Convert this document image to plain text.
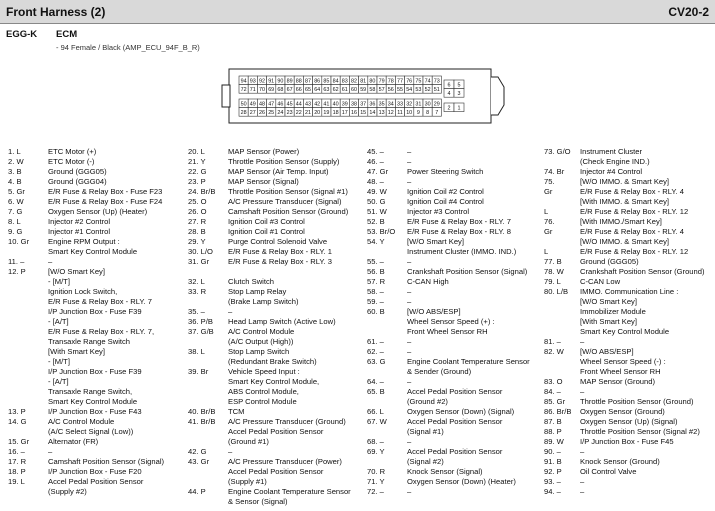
Front Harness (2)	CV20-2
EGG-K ECM
- 94 Female / Black (AMP_ECU_94F_B_R)
94 93 92 91 90 89 88 87 86 85 84 83 82 81 80 79 78 77 76 75 74 73
72 71 70 69 68 67 66 65 64 63 62 61 60 59 58 57 56 55 54 53 52 51
50 49 48 47 46 45 44 43 42 41 40 39 38 37 36 35 34 33 32 31 30 29
28 27 26 25 24 23 22 21 20 19 18 17 16 15 14 13 12 11 10 9 8 7
6 5
4 3
2 1
1. L	ETC Motor (+)
2. W	ETC Motor (-)
3. B	Ground (GGG05)
4. B	Ground (GGG04)
5. Gr	E/R Fuse & Relay Box - Fuse F23
6. W	E/R Fuse & Relay Box - Fuse F24
7. G	Oxygen Sensor (Up) (Heater)
8. L	Injector #2 Control
9. G	Injector #1 Control
10. Gr	Engine RPM Output :
Smart Key Control Module
11. –	–
12. P	[W/O Smart Key]
- [M/T]
Ignition Lock Switch,
E/R Fuse & Relay Box - RLY. 7
I/P Junction Box - Fuse F39
- [A/T]
E/R Fuse & Relay Box - RLY. 7,
Transaxle Range Switch
[With Smart Key]
- [M/T]
I/P Junction Box - Fuse F39
- [A/T]
Transaxle Range Switch,
Smart Key Control Module
13. P	I/P Junction Box - Fuse F43
14. G	A/C Control Module
(A/C Select Signal (Low))
15. Gr	Alternator (FR)
16. –	–
17. R	Camshaft Position Sensor (Signal)
18. P	I/P Junction Box - Fuse F20
19. L	Accel Pedal Position Sensor
(Supply #2)
20. L	MAP Sensor (Power)
21. Y	Throttle Position Sensor (Supply)
22. G	MAP Sensor (Air Temp. Input)
23. P	MAP Sensor (Signal)
24. Br/B	Throttle Position Sensor (Signal #1)
25. O	A/C Pressure Transducer (Signal)
26. O	Camshaft Position Sensor (Ground)
27. R	Ignition Coil #3 Control
28. B	Ignition Coil #1 Control
29. Y	Purge Control Solenoid Valve
30. L/O	E/R Fuse & Relay Box - RLY. 1
31. Gr	E/R Fuse & Relay Box - RLY. 3
32. L	Clutch Switch
33. R	Stop Lamp Relay
(Brake Lamp Switch)
35. –	–
36. P/B	Head Lamp Switch (Active Low)
37. G/B	A/C Control Module
(A/C Output (High))
38. L	Stop Lamp Switch
(Redundant Brake Switch)
39. Br	Vehicle Speed Input :
Smart Key Control Module,
ABS Control Module,
ESP Control Module
40. Br/B	TCM
41. Br/B	A/C Pressure Transducer (Ground)
Accel Pedal Position Sensor
(Ground #1)
42. G	–
43. Gr	A/C Pressure Transducer (Power)
Accel Pedal Position Sensor
(Supply #1)
44. P	Engine Coolant Temperature Sensor
& Sensor (Signal)
45. –	–
46. –	–
47. Gr	Power Steering Switch
48. –	–
49. W	Ignition Coil #2 Control
50. G	Ignition Coil #4 Control
51. W	Injector #3 Control
52. B	E/R Fuse & Relay Box - RLY. 7
53. Br/O E/R Fuse & Relay Box - RLY. 8
54. Y	[W/O Smart Key]
Instrument Cluster (IMMO. IND.)
55. –	–
56. B	Crankshaft Position Sensor (Signal)
57. R	C-CAN High
58. –	–
59. –	–
60. B	[W/O ABS/ESP]
Wheel Sensor Speed (+) :
Front Wheel Sensor RH
61. –	–
62. –	–
63. G	Engine Coolant Temperature Sensor
& Sender (Ground)
64. –	–
65. B	Accel Pedal Position Sensor
(Ground #2)
66. L	Oxygen Sensor (Down) (Signal)
67. W	Accel Pedal Position Sensor
(Signal #1)
68. –	–
69. Y	Accel Pedal Position Sensor
(Signal #2)
70. R	Knock Sensor (Signal)
71. Y	Oxygen Sensor (Down) (Heater)
72. –	–
73. G/O	Instrument Cluster
(Check Engine IND.)
74. Br	Injector #4 Control
75.	[W/O IMMO. & Smart Key]
Gr	E/R Fuse & Relay Box - RLY. 4
[With IMMO. & Smart Key]
L	E/R Fuse & Relay Box - RLY. 12
76.	[With IMMO./Smart Key]
Gr	E/R Fuse & Relay Box - RLY. 4
[W/O IMMO. & Smart Key]
L	E/R Fuse & Relay Box - RLY. 12
77. B	Ground (GGG05)
78. W	Crankshaft Position Sensor (Ground)
79. L	C-CAN Low
80. L/B	IMMO. Communication Line :
[W/O Smart Key]
Immobilizer Module
[With Smart Key]
Smart Key Control Module
81. –	–
82. W	[W/O ABS/ESP]
Wheel Sensor Speed (-) :
Front Wheel Sensor RH
83. O	MAP Sensor (Ground)
84. –	–
85. Gr	Throttle Position Sensor (Ground)
86. Br/B	Oxygen Sensor (Ground)
87. B	Oxygen Sensor (Up) (Signal)
88. P	Throttle Position Sensor (Signal #2)
89. W	I/P Junction Box - Fuse F45
90. –	–
91. B	Knock Sensor (Ground)
92. P	Oil Control Valve
93. –	–
94. –	–
